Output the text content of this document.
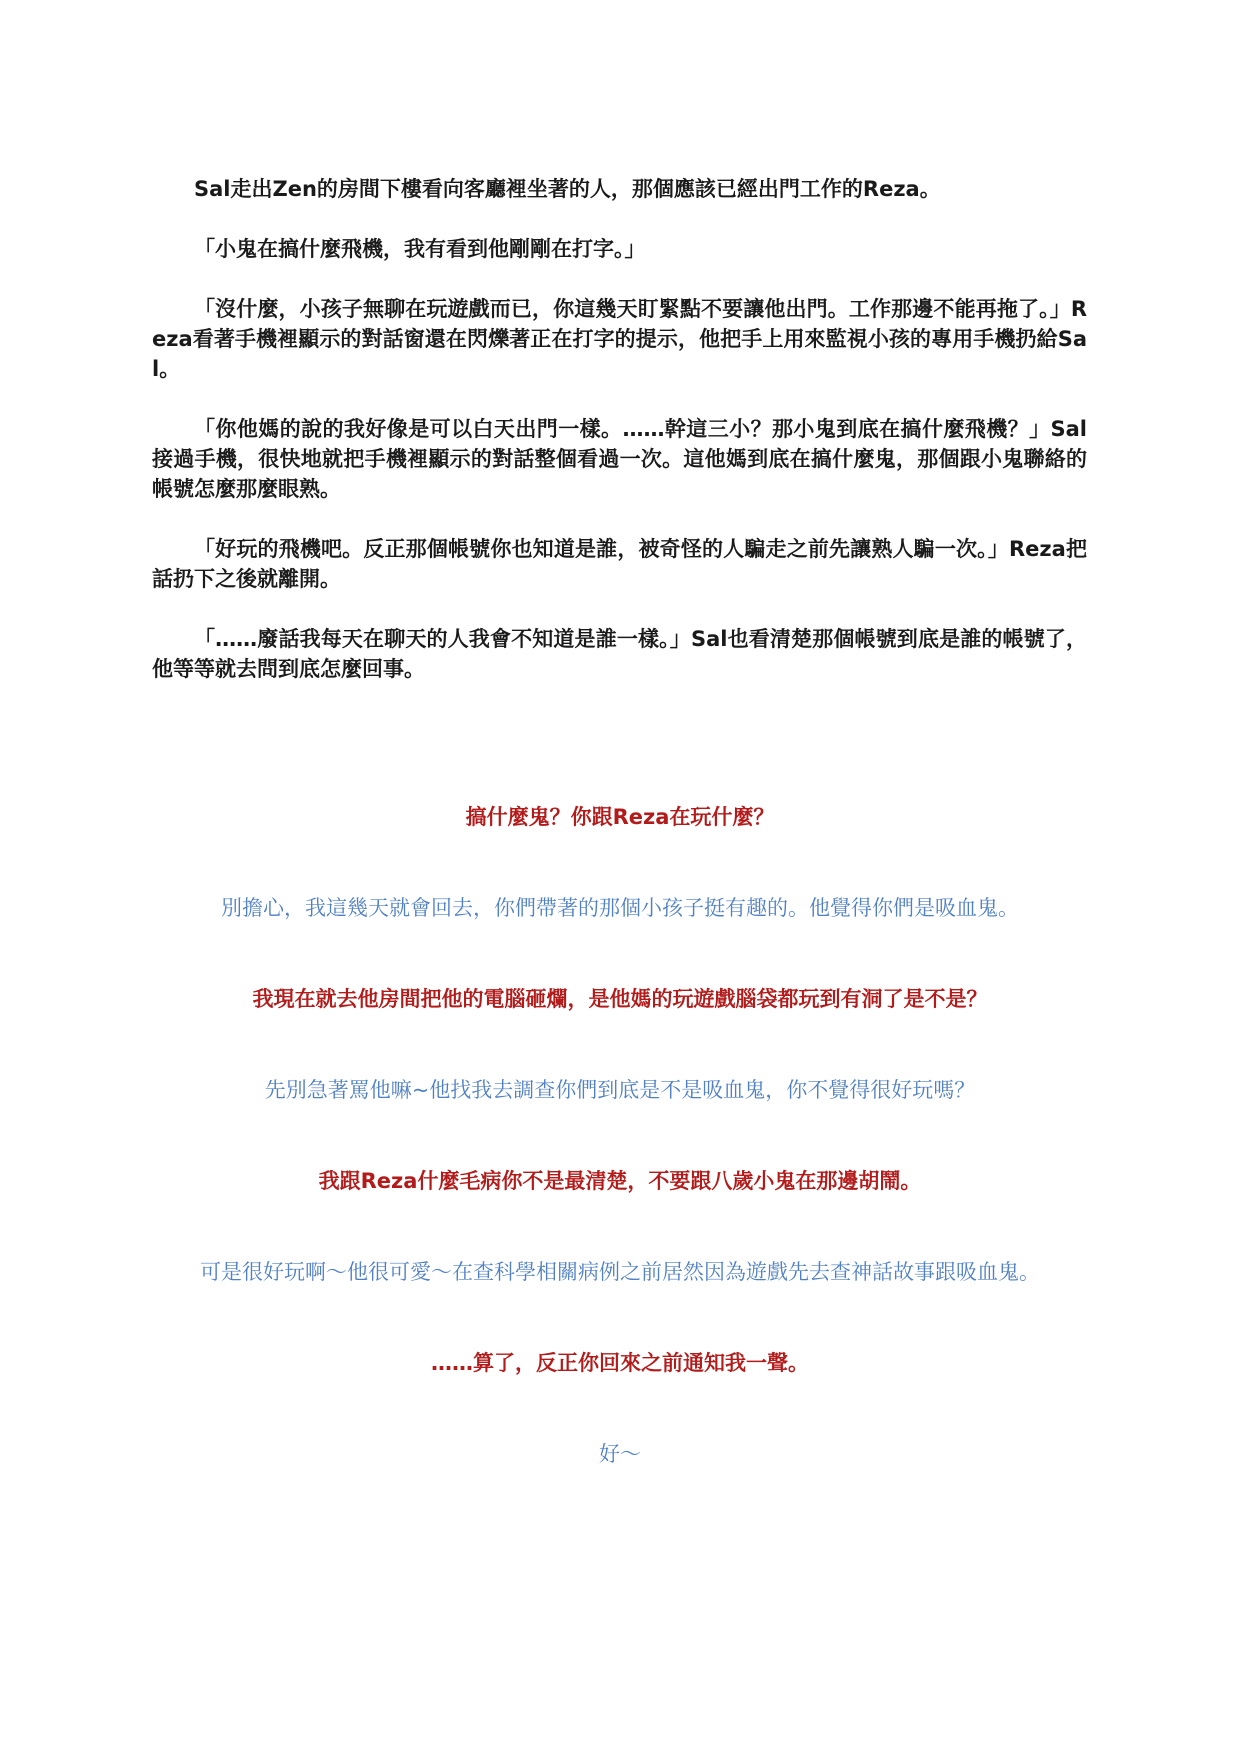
Sal走出Zen的房間下樓看向客廳裡坐著的人，那個應該已經出門工作的Reza。

「小鬼在搞什麼飛機，我有看到他剛剛在打字。」

「沒什麼，小孩子無聊在玩遊戲而已，你這幾天盯緊點不要讓他出門。工作那邊不能再拖了。」Reza看著手機裡顯示的對話窗還在閃爍著正在打字的提示，他把手上用來監視小孩的專用手機扔給Sal。

「你他媽的說的我好像是可以白天出門一樣。……幹這三小？那小鬼到底在搞什麼飛機？」Sal接過手機，很快地就把手機裡顯示的對話整個看過一次。這他媽到底在搞什麼鬼，那個跟小鬼聯絡的帳號怎麼那麼眼熟。

「好玩的飛機吧。反正那個帳號你也知道是誰，被奇怪的人騙走之前先讓熟人騙一次。」Reza把話扔下之後就離開。

「……廢話我每天在聊天的人我會不知道是誰一樣。」Sal也看清楚那個帳號到底是誰的帳號了，他等等就去問到底怎麼回事。

搞什麼鬼？你跟Reza在玩什麼？
別擔心，我這幾天就會回去，你們帶著的那個小孩子挺有趣的。他覺得你們是吸血鬼。
我現在就去他房間把他的電腦砸爛，是他媽的玩遊戲腦袋都玩到有洞了是不是？
先別急著罵他嘛~他找我去調查你們到底是不是吸血鬼，你不覺得很好玩嗎？
我跟Reza什麼毛病你不是最清楚，不要跟八歲小鬼在那邊胡鬧。
可是很好玩啊～他很可愛～在查科學相關病例之前居然因為遊戲先去查神話故事跟吸血鬼。
……算了，反正你回來之前通知我一聲。
好～
